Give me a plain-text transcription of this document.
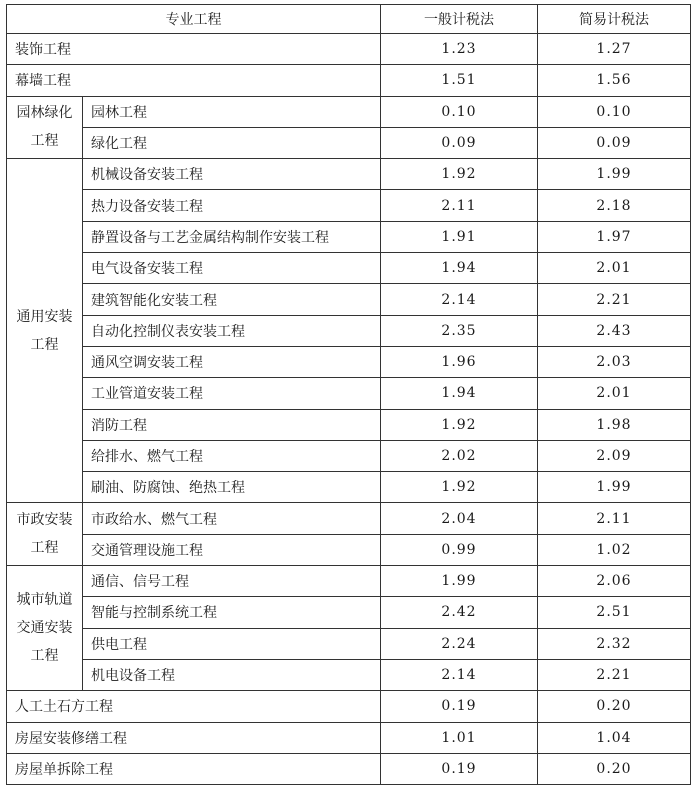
专业工程		一般计税法	简易计税法
装饰工程		1.23	1.27
幕墙工程		1.51	1.56
园林绿化工程	园林工程	0.10	0.10
	绿化工程	0.09	0.09
通用安装工程	机械设备安装工程	1.92	1.99
	热力设备安装工程	2.11	2.18
	静置设备与工艺金属结构制作安装工程	1.91	1.97
	电气设备安装工程	1.94	2.01
	建筑智能化安装工程	2.14	2.21
	自动化控制仪表安装工程	2.35	2.43
	通风空调安装工程	1.96	2.03
	工业管道安装工程	1.94	2.01
	消防工程	1.92	1.98
	给排水、燃气工程	2.02	2.09
	刷油、防腐蚀、绝热工程	1.92	1.99
市政安装工程	市政给水、燃气工程	2.04	2.11
	交通管理设施工程	0.99	1.02
城市轨道交通安装工程	通信、信号工程	1.99	2.06
	智能与控制系统工程	2.42	2.51
	供电工程	2.24	2.32
	机电设备工程	2.14	2.21
人工土石方工程		0.19	0.20
房屋安装修缮工程		1.01	1.04
房屋单拆除工程		0.19	0.20
